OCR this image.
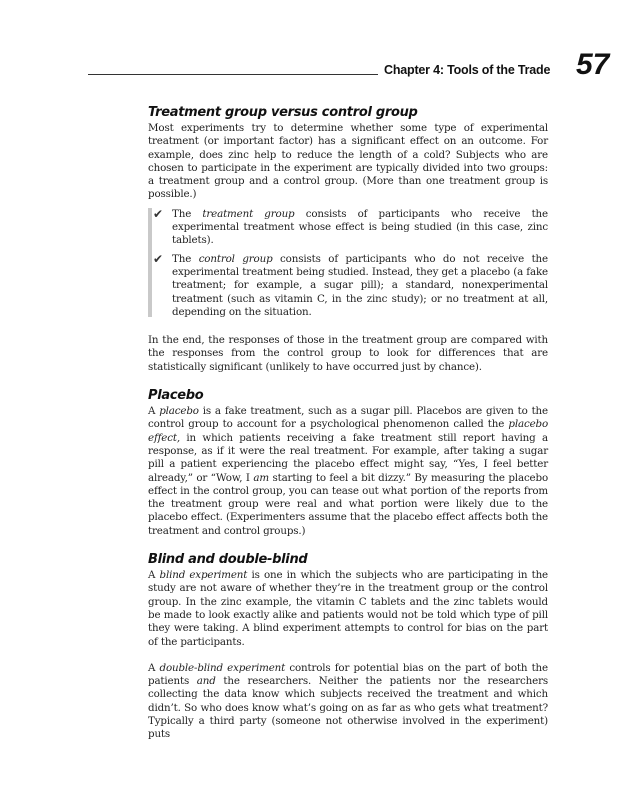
Chapter 4: Tools of the Trade 57
Treatment group versus control group

Most experiments try to determine whether some type of experimental treatment (or important factor) has a significant effect on an outcome. For example, does zinc help to reduce the length of a cold? Subjects who are chosen to participate in the experiment are typically divided into two groups: a treatment group and a control group. (More than one treatment group is possible.)

✔ The treatment group consists of participants who receive the experimental treatment whose effect is being studied (in this case, zinc tablets).

✔ The control group consists of participants who do not receive the experimental treatment being studied. Instead, they get a placebo (a fake treatment; for example, a sugar pill); a standard, nonexperimental treatment (such as vitamin C, in the zinc study); or no treatment at all, depending on the situation.

In the end, the responses of those in the treatment group are compared with the responses from the control group to look for differences that are statistically significant (unlikely to have occurred just by chance).

Placebo

A placebo is a fake treatment, such as a sugar pill. Placebos are given to the control group to account for a psychological phenomenon called the placebo effect, in which patients receiving a fake treatment still report having a response, as if it were the real treatment. For example, after taking a sugar pill a patient experiencing the placebo effect might say, “Yes, I feel better already,” or “Wow, I am starting to feel a bit dizzy.” By measuring the placebo effect in the control group, you can tease out what portion of the reports from the treatment group were real and what portion were likely due to the placebo effect. (Experimenters assume that the placebo effect affects both the treatment and control groups.)

Blind and double-blind

A blind experiment is one in which the subjects who are participating in the study are not aware of whether they’re in the treatment group or the control group. In the zinc example, the vitamin C tablets and the zinc tablets would be made to look exactly alike and patients would not be told which type of pill they were taking. A blind experiment attempts to control for bias on the part of the participants.

A double-blind experiment controls for potential bias on the part of both the patients and the researchers. Neither the patients nor the researchers collecting the data know which subjects received the treatment and which didn’t. So who does know what’s going on as far as who gets what treatment? Typically a third party (someone not otherwise involved in the experiment) puts
